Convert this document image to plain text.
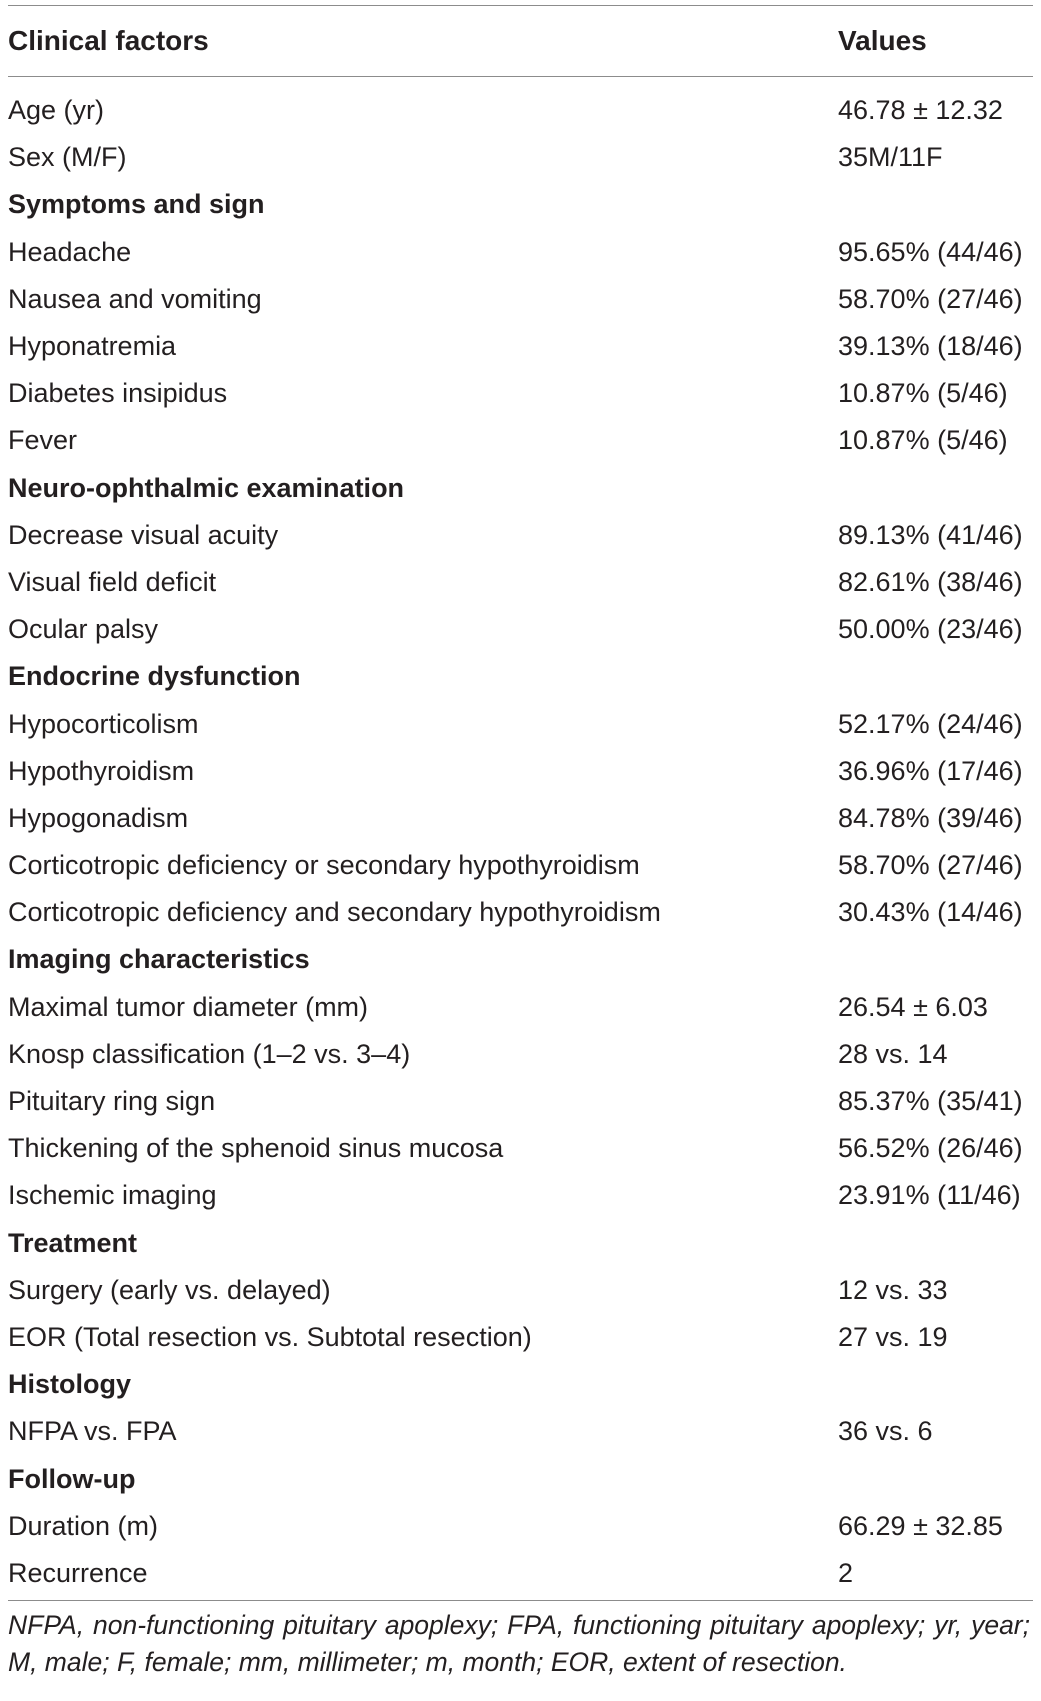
Clinical factors	Values
Age (yr)	46.78 ± 12.32
Sex (M/F)	35M/11F
Symptoms and sign
Headache	95.65% (44/46)
Nausea and vomiting	58.70% (27/46)
Hyponatremia	39.13% (18/46)
Diabetes insipidus	10.87% (5/46)
Fever	10.87% (5/46)
Neuro-ophthalmic examination
Decrease visual acuity	89.13% (41/46)
Visual field deficit	82.61% (38/46)
Ocular palsy	50.00% (23/46)
Endocrine dysfunction
Hypocorticolism	52.17% (24/46)
Hypothyroidism	36.96% (17/46)
Hypogonadism	84.78% (39/46)
Corticotropic deficiency or secondary hypothyroidism	58.70% (27/46)
Corticotropic deficiency and secondary hypothyroidism	30.43% (14/46)
Imaging characteristics
Maximal tumor diameter (mm)	26.54 ± 6.03
Knosp classification (1–2 vs. 3–4)	28 vs. 14
Pituitary ring sign	85.37% (35/41)
Thickening of the sphenoid sinus mucosa	56.52% (26/46)
Ischemic imaging	23.91% (11/46)
Treatment
Surgery (early vs. delayed)	12 vs. 33
EOR (Total resection vs. Subtotal resection)	27 vs. 19
Histology
NFPA vs. FPA	36 vs. 6
Follow-up
Duration (m)	66.29 ± 32.85
Recurrence	2
NFPA, non-functioning pituitary apoplexy; FPA, functioning pituitary apoplexy; yr, year; M, male; F, female; mm, millimeter; m, month; EOR, extent of resection.
